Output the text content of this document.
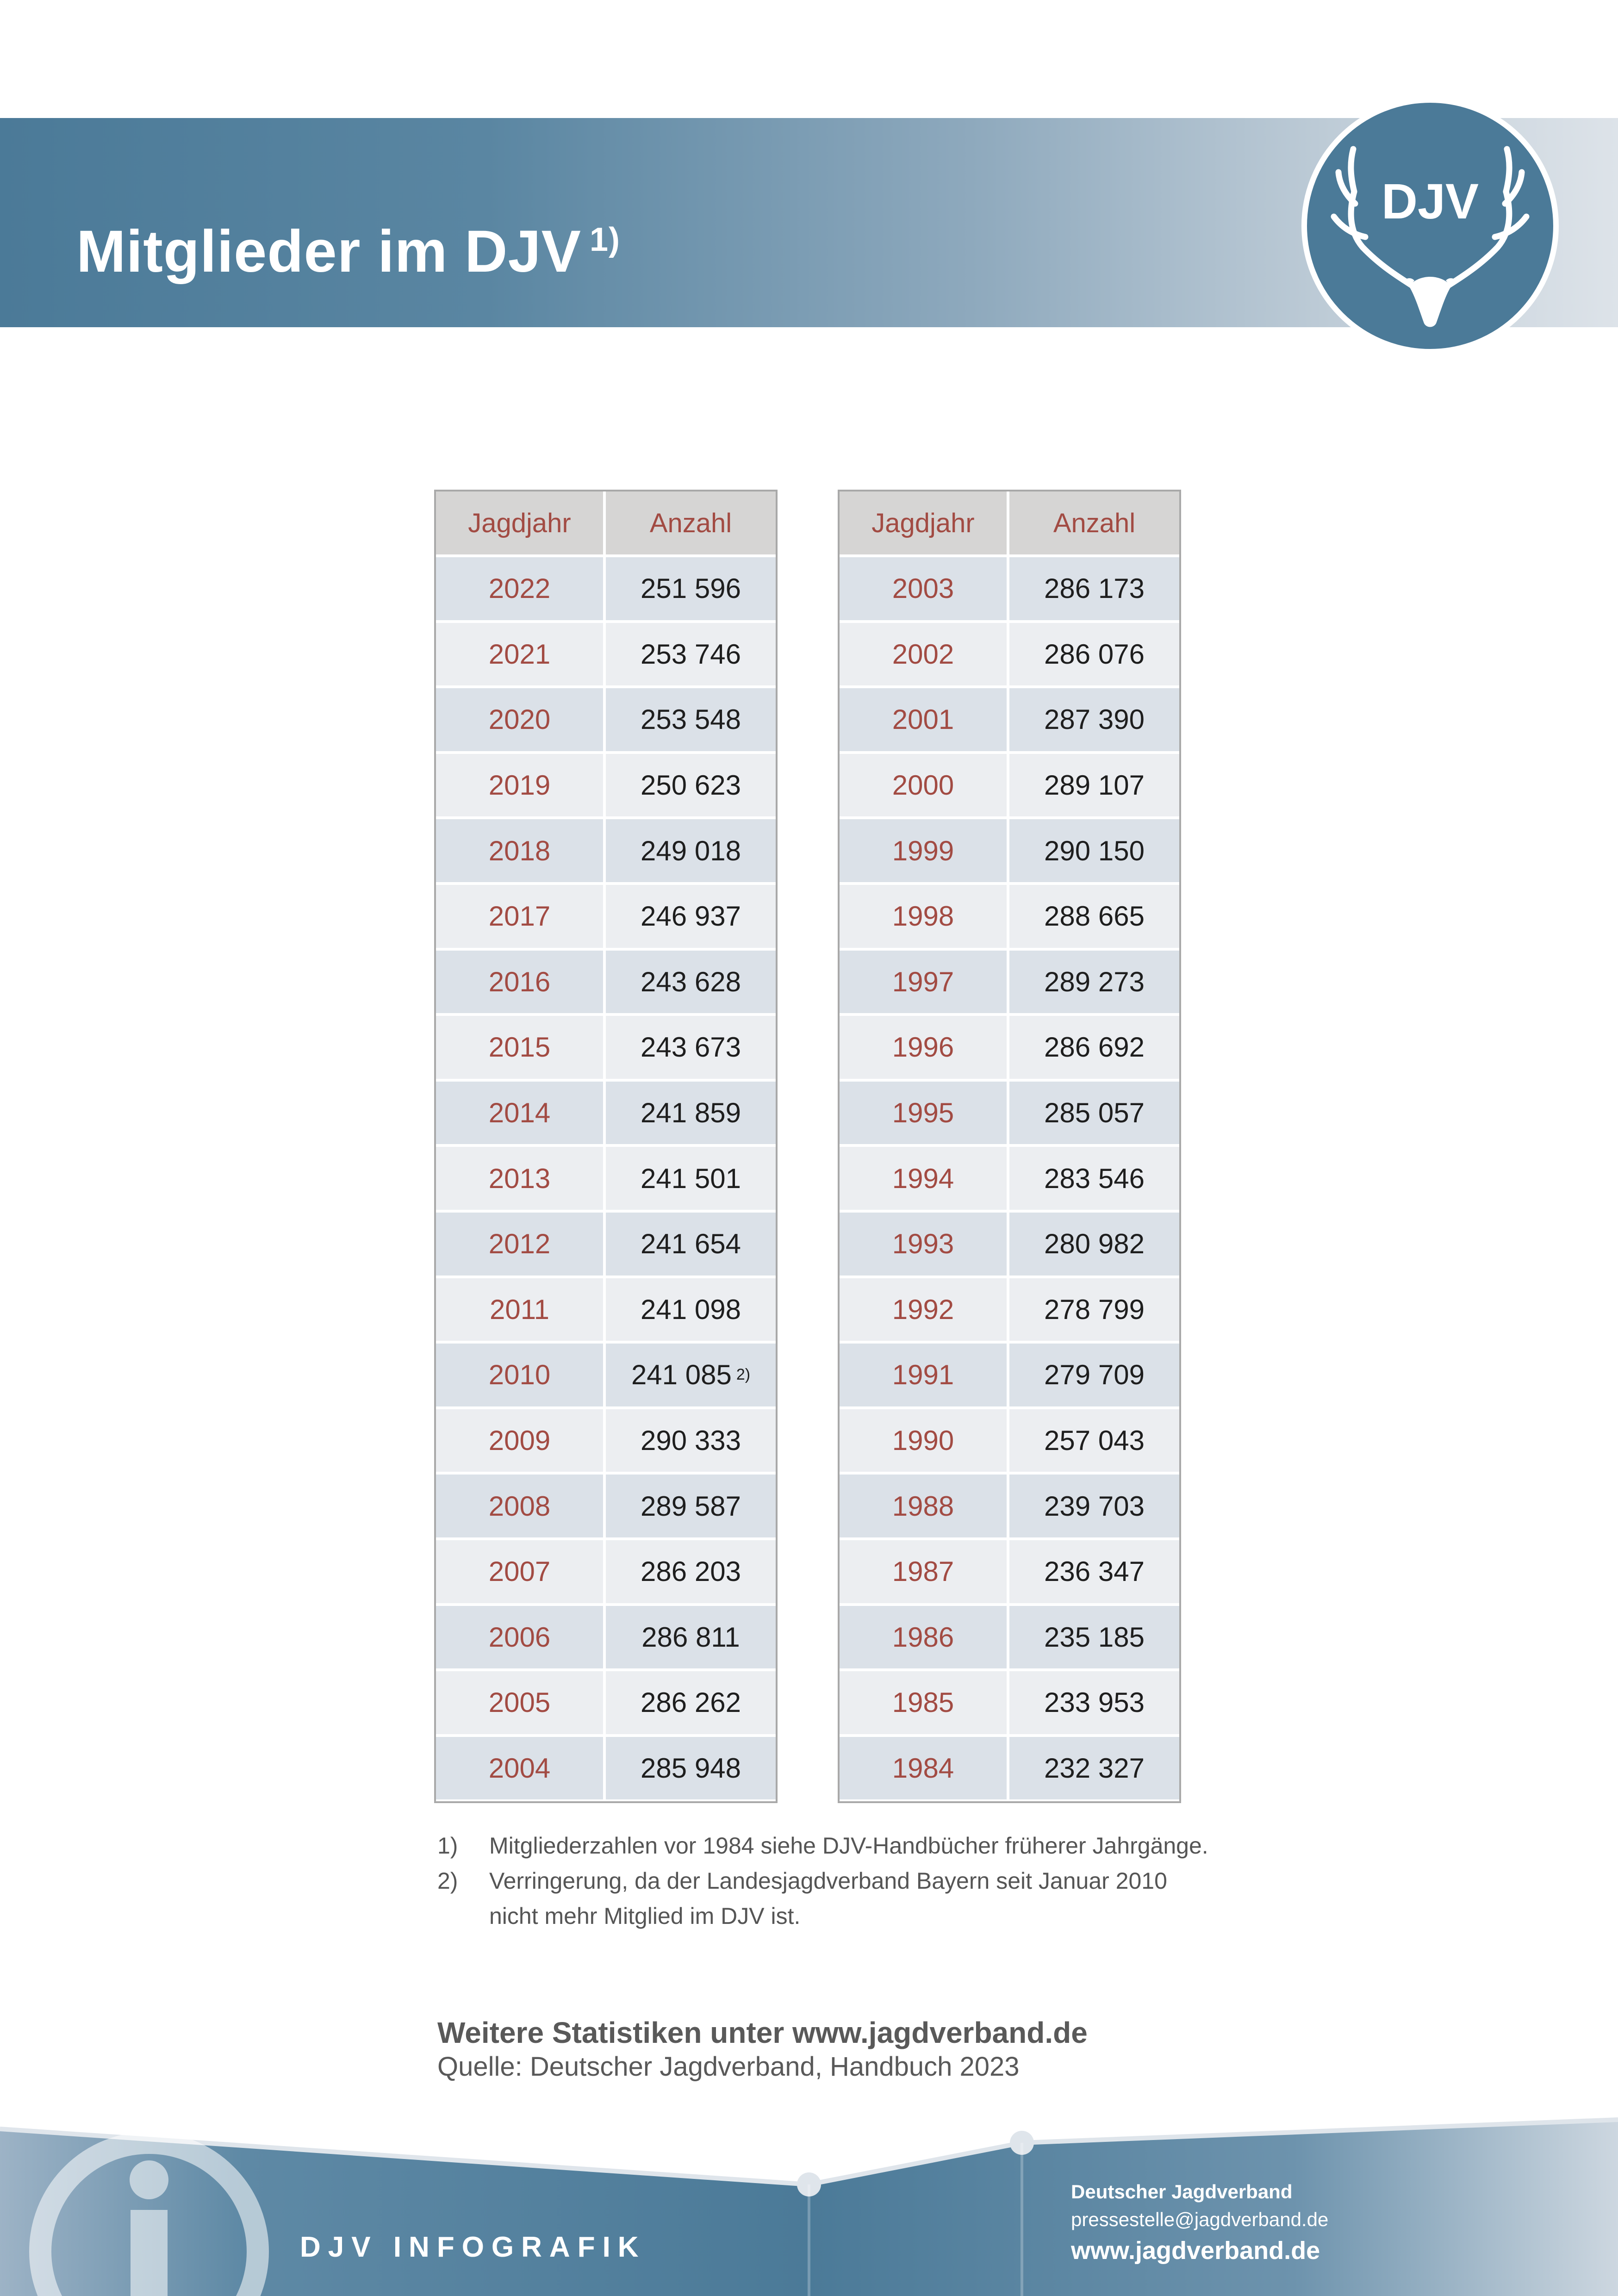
Mitglieder im DJV $^{1)}$
DJV
Jagdjahr	Anzahl
2022	251 596
2021	253 746
2020	253 548
2019	250 623
2018	249 018
2017	246 937
2016	243 628
2015	243 673
2014	241 859
2013	241 501
2012	241 654
2011	241 098
2010	241 085 2)
2009	290 333
2008	289 587
2007	286 203
2006	286 811
2005	286 262
2004	285 948
Jagdjahr	Anzahl
2003	286 173
2002	286 076
2001	287 390
2000	289 107
1999	290 150
1998	288 665
1997	289 273
1996	286 692
1995	285 057
1994	283 546
1993	280 982
1992	278 799
1991	279 709
1990	257 043
1988	239 703
1987	236 347
1986	235 185
1985	233 953
1984	232 327
1)	Mitgliederzahlen vor 1984 siehe DJV-Handbücher früherer Jahrgänge.
2)	Verringerung, da der Landesjagdverband Bayern seit Januar 2010 nicht mehr Mitglied im DJV ist.
Weitere Statistiken unter www.jagdverband.de
Quelle: Deutscher Jagdverband, Handbuch 2023
DJV INFOGRAFIK
Deutscher Jagdverband
pressestelle@jagdverband.de
www.jagdverband.de
